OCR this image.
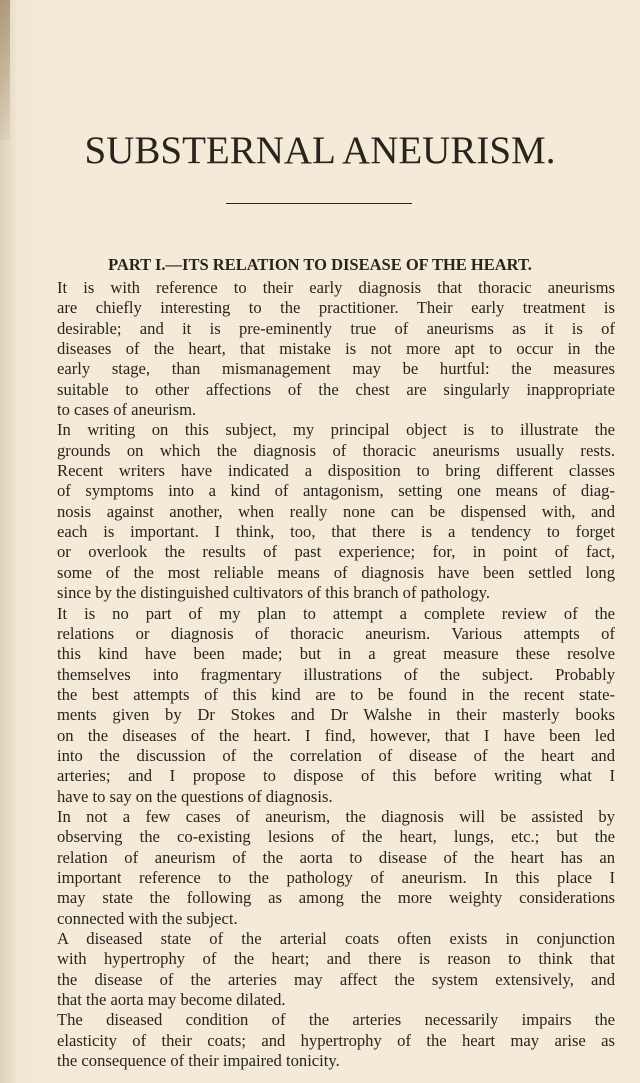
SUBSTERNAL ANEURISM.
PART I.—ITS RELATION TO DISEASE OF THE HEART.

It is with reference to their early diagnosis that thoracic aneurisms
are chiefly interesting to the practitioner. Their early treatment is
desirable; and it is pre-eminently true of aneurisms as it is of
diseases of the heart, that mistake is not more apt to occur in the
early stage, than mismanagement may be hurtful: the measures
suitable to other affections of the chest are singularly inappropriate
to cases of aneurism.

In writing on this subject, my principal object is to illustrate the
grounds on which the diagnosis of thoracic aneurisms usually rests.
Recent writers have indicated a disposition to bring different classes
of symptoms into a kind of antagonism, setting one means of diag-
nosis against another, when really none can be dispensed with, and
each is important. I think, too, that there is a tendency to forget
or overlook the results of past experience; for, in point of fact,
some of the most reliable means of diagnosis have been settled long
since by the distinguished cultivators of this branch of pathology.

It is no part of my plan to attempt a complete review of the
relations or diagnosis of thoracic aneurism. Various attempts of
this kind have been made; but in a great measure these resolve
themselves into fragmentary illustrations of the subject. Probably
the best attempts of this kind are to be found in the recent state-
ments given by Dr Stokes and Dr Walshe in their masterly books
on the diseases of the heart. I find, however, that I have been led
into the discussion of the correlation of disease of the heart and
arteries; and I propose to dispose of this before writing what I
have to say on the questions of diagnosis.

In not a few cases of aneurism, the diagnosis will be assisted by
observing the co-existing lesions of the heart, lungs, etc.; but the
relation of aneurism of the aorta to disease of the heart has an
important reference to the pathology of aneurism. In this place I
may state the following as among the more weighty considerations
connected with the subject.

A diseased state of the arterial coats often exists in conjunction
with hypertrophy of the heart; and there is reason to think that
the disease of the arteries may affect the system extensively, and
that the aorta may become dilated.

The diseased condition of the arteries necessarily impairs the
elasticity of their coats; and hypertrophy of the heart may arise as
the consequence of their impaired tonicity.
